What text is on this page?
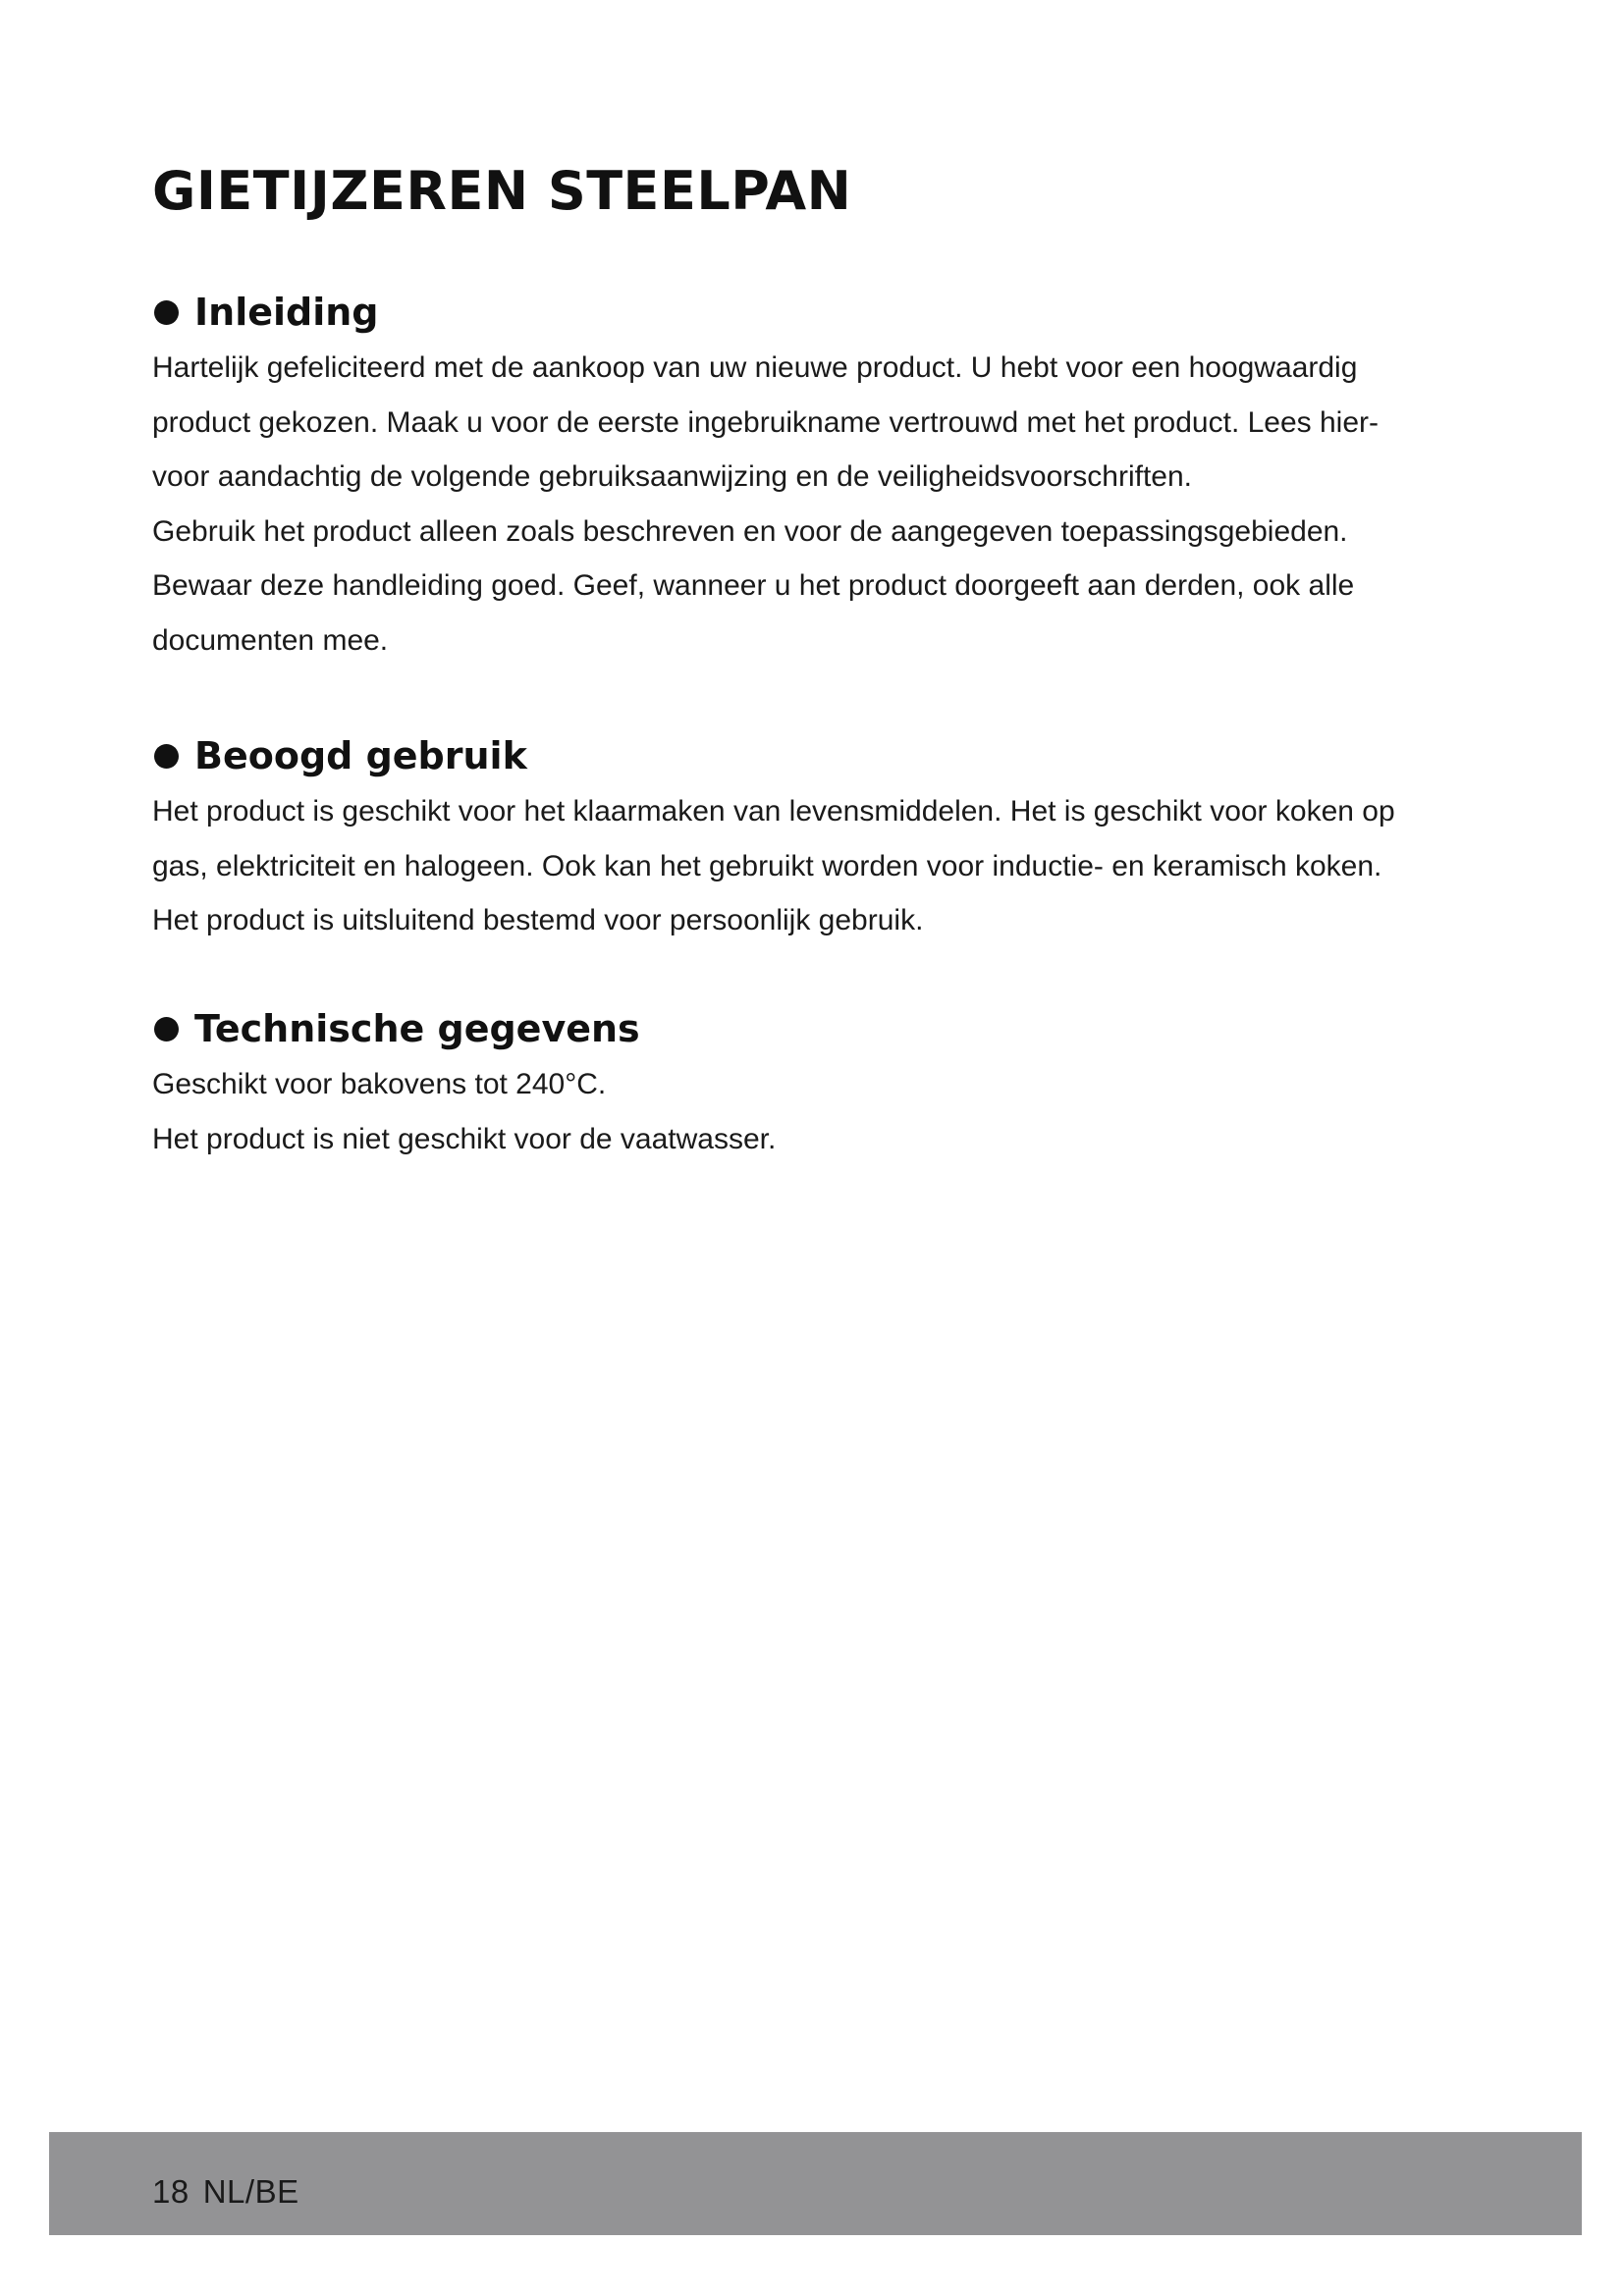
GIETIJZEREN STEELPAN
Inleiding
Hartelijk gefeliciteerd met de aankoop van uw nieuwe product. U hebt voor een hoogwaardig
product gekozen. Maak u voor de eerste ingebruikname vertrouwd met het product. Lees hier-
voor aandachtig de volgende gebruiksaanwijzing en de veiligheidsvoorschriften.
Gebruik het product alleen zoals beschreven en voor de aangegeven toepassingsgebieden.
Bewaar deze handleiding goed. Geef, wanneer u het product doorgeeft aan derden, ook alle
documenten mee.
Beoogd gebruik
Het product is geschikt voor het klaarmaken van levensmiddelen. Het is geschikt voor koken op
gas, elektriciteit en halogeen. Ook kan het gebruikt worden voor inductie- en keramisch koken.
Het product is uitsluitend bestemd voor persoonlijk gebruik.
Technische gegevens
Geschikt voor bakovens tot 240°C.
Het product is niet geschikt voor de vaatwasser.
18 NL/BE
